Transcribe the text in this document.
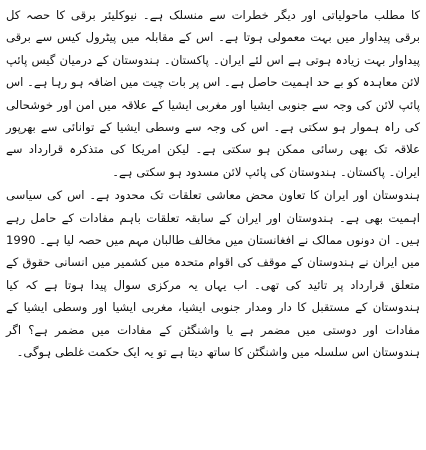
کا مطلب ماحولیاتی اور دیگر خطرات سے منسلک ہے۔ نیوکلیئر برقی کا حصہ کل برقی پیداوار میں بہت معمولی ہوتا ہے۔ اس کے مقابلہ میں پیٹرول کیس سے برقی پیداوار بہت زیادہ ہوتی ہے اس لئے ایران۔ پاکستان۔ ہندوستان کے درمیان گیس پائپ لائن معاہدہ کو بے حد اہمیت حاصل ہے۔ اس پر بات چیت میں اضافہ ہو رہا ہے۔ اس پائپ لائن کی وجہ سے جنوبی ایشیا اور مغربی ایشیا کے علاقہ میں امن اور خوشحالی کی راہ ہموار ہو سکتی ہے۔ اس کی وجہ سے وسطی ایشیا کے توانائی سے بھرپور علاقہ تک بھی رسائی ممکن ہو سکتی ہے۔ لیکن امریکا کی متذکرہ قرارداد سے ایران۔ پاکستان۔ ہندوستان کی پائپ لائن مسدود ہو سکتی ہے۔

ہندوستان اور ایران کا تعاون محض معاشی تعلقات تک محدود ہے۔ اس کی سیاسی اہمیت بھی ہے۔ ہندوستان اور ایران کے سابقہ تعلقات باہم مفادات کے حامل رہے ہیں۔ ان دونوں ممالک نے افغانستان میں مخالف طالبان مہم میں حصہ لیا ہے۔ 1990 میں ایران نے ہندوستان کے موقف کی اقوام متحدہ میں کشمیر میں انسانی حقوق کے متعلق قرارداد پر تائید کی تھی۔ اب یہاں یہ مرکزی سوال پیدا ہوتا ہے کہ کیا ہندوستان کے مستقبل کا دار ومدار جنوبی ایشیا، مغربی ایشیا اور وسطی ایشیا کے مفادات اور دوستی میں مضمر ہے یا واشنگٹن کے مفادات میں مضمر ہے؟ اگر ہندوستان اس سلسلہ میں واشنگٹن کا ساتھ دیتا ہے تو یہ ایک حکمت غلطی ہوگی۔
